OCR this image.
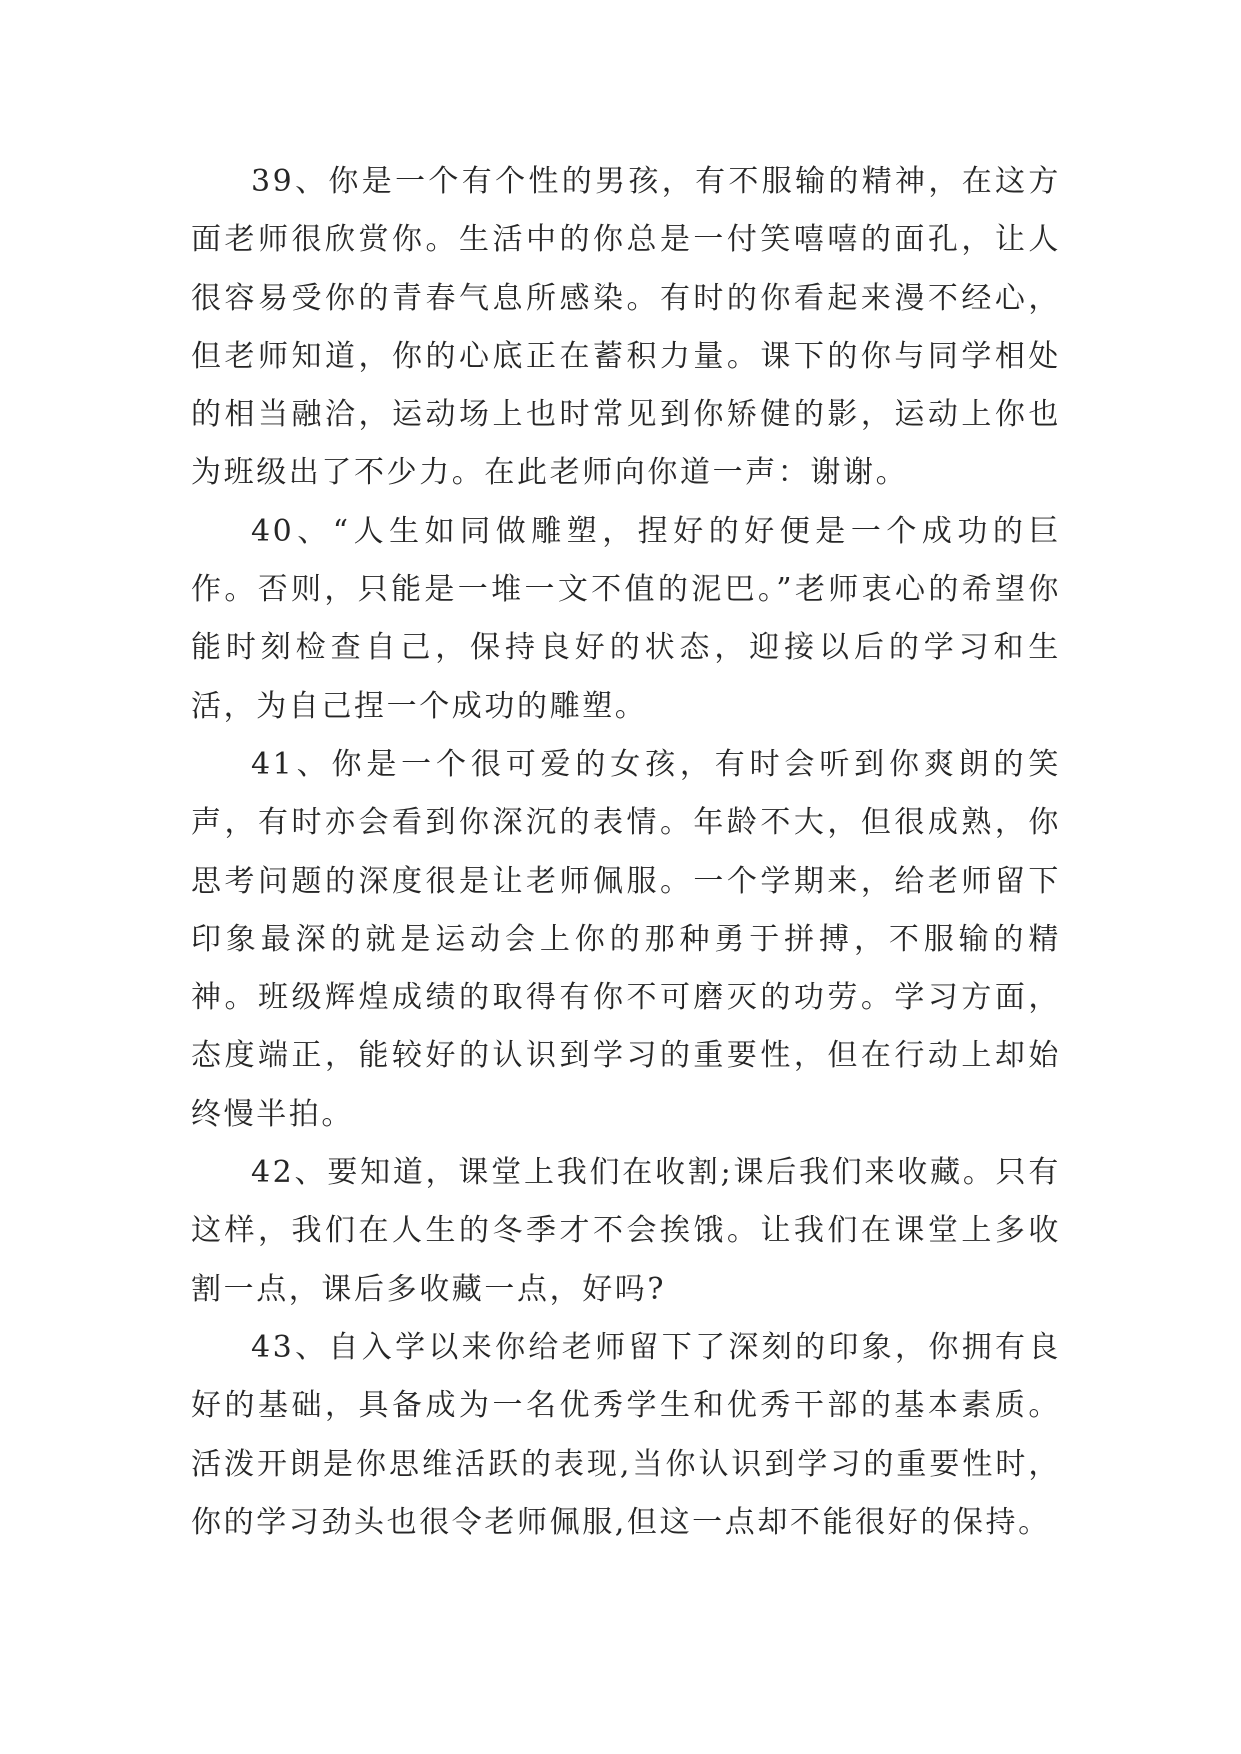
39、你是一个有个性的男孩，有不服输的精神，在这方面老师很欣赏你。生活中的你总是一付笑嘻嘻的面孔，让人很容易受你的青春气息所感染。有时的你看起来漫不经心，但老师知道，你的心底正在蓄积力量。课下的你与同学相处的相当融洽，运动场上也时常见到你矫健的影，运动上你也为班级出了不少力。在此老师向你道一声：谢谢。

40、“人生如同做雕塑，捏好的好便是一个成功的巨作。否则，只能是一堆一文不值的泥巴。”老师衷心的希望你能时刻检查自己，保持良好的状态，迎接以后的学习和生活，为自己捏一个成功的雕塑。

41、你是一个很可爱的女孩，有时会听到你爽朗的笑声，有时亦会看到你深沉的表情。年龄不大，但很成熟，你思考问题的深度很是让老师佩服。一个学期来，给老师留下印象最深的就是运动会上你的那种勇于拼搏，不服输的精神。班级辉煌成绩的取得有你不可磨灭的功劳。学习方面，态度端正，能较好的认识到学习的重要性，但在行动上却始终慢半拍。

42、要知道，课堂上我们在收割;课后我们来收藏。只有这样，我们在人生的冬季才不会挨饿。让我们在课堂上多收割一点，课后多收藏一点，好吗?

43、自入学以来你给老师留下了深刻的印象，你拥有良好的基础，具备成为一名优秀学生和优秀干部的基本素质。活泼开朗是你思维活跃的表现,当你认识到学习的重要性时，你的学习劲头也很令老师佩服,但这一点却不能很好的保持。
